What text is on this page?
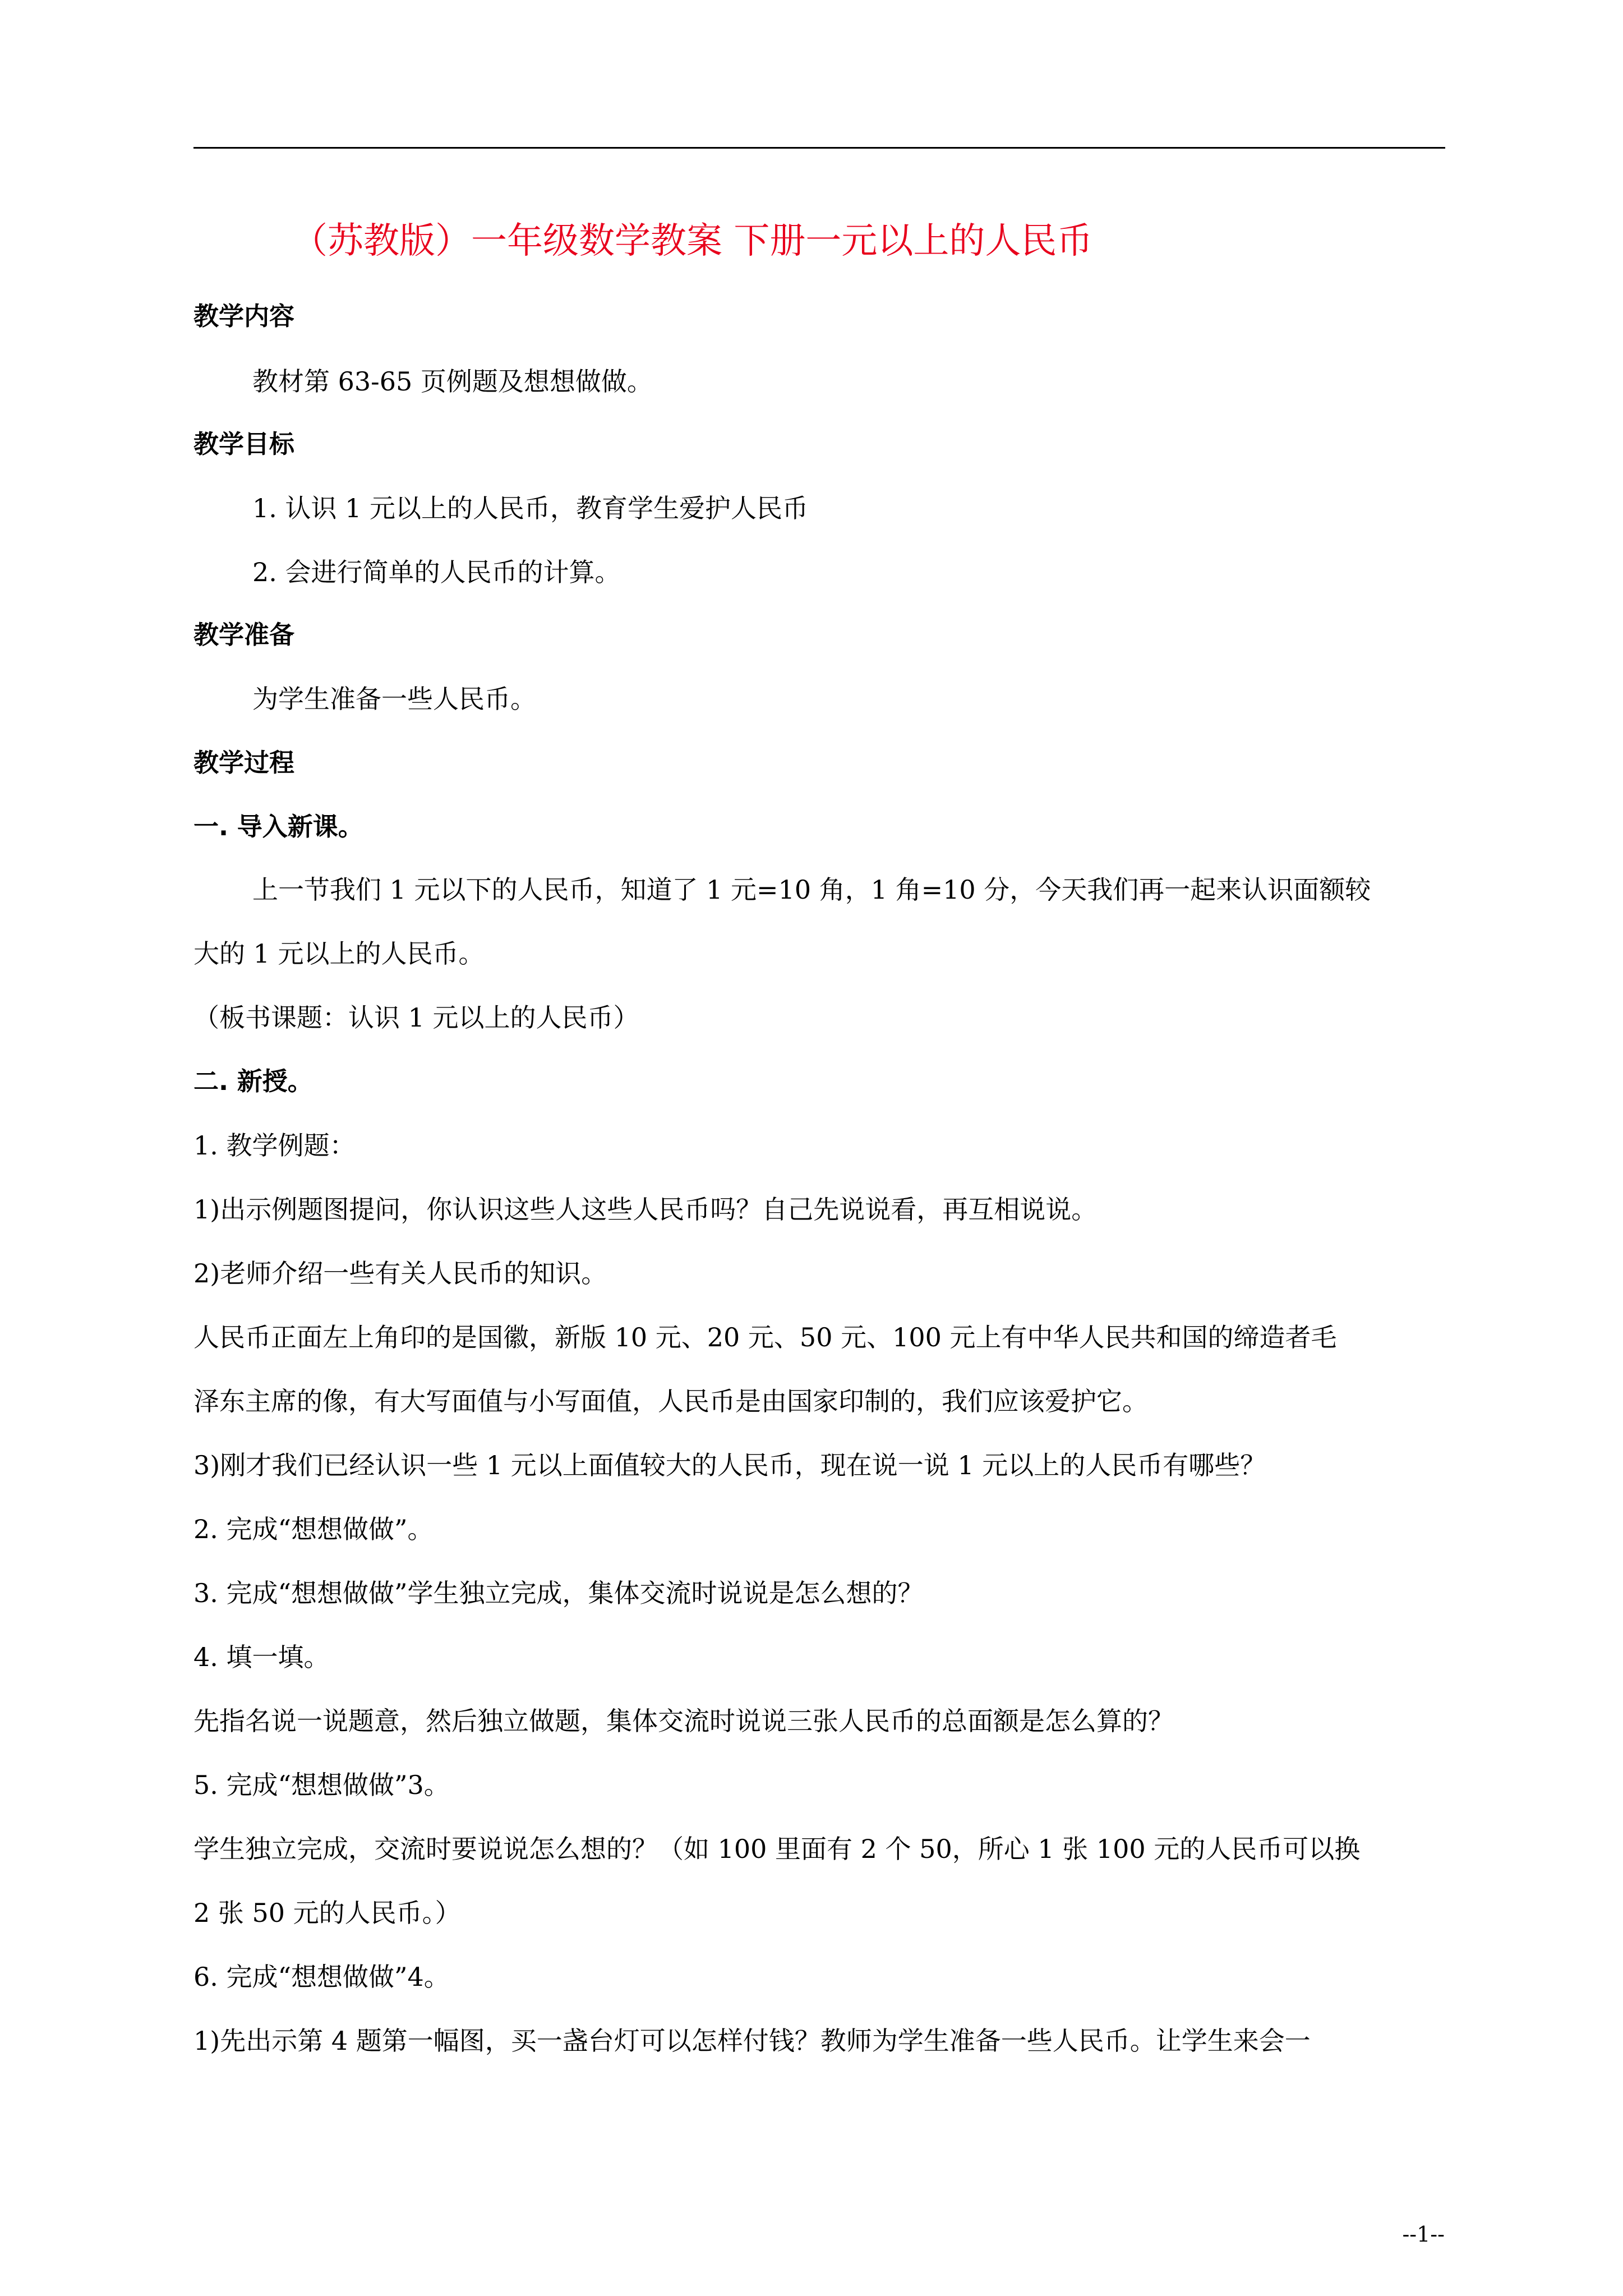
（苏教版）一年级数学教案 下册一元以上的人民币
教学内容
教材第 63-65 页例题及想想做做。
教学目标
1. 认识 1 元以上的人民币，教育学生爱护人民币
2. 会进行简单的人民币的计算。
教学准备
为学生准备一些人民币。
教学过程
一. 导入新课。
上一节我们 1 元以下的人民币，知道了 1 元=10 角，1 角=10 分，今天我们再一起来认识面额较
大的 1 元以上的人民币。
（板书课题：认识 1 元以上的人民币）
二. 新授。
1. 教学例题：
1)出示例题图提问，你认识这些人这些人民币吗？自己先说说看，再互相说说。
2)老师介绍一些有关人民币的知识。
人民币正面左上角印的是国徽，新版 10 元、20 元、50 元、100 元上有中华人民共和国的缔造者毛
泽东主席的像，有大写面值与小写面值，人民币是由国家印制的，我们应该爱护它。
3)刚才我们已经认识一些 1 元以上面值较大的人民币，现在说一说 1 元以上的人民币有哪些？
2. 完成“想想做做”。
3. 完成“想想做做”学生独立完成，集体交流时说说是怎么想的？
4. 填一填。
先指名说一说题意，然后独立做题，集体交流时说说三张人民币的总面额是怎么算的？
5. 完成“想想做做”3。
学生独立完成，交流时要说说怎么想的？（如 100 里面有 2 个 50，所心 1 张 100 元的人民币可以换
2 张 50 元的人民币。）
6. 完成“想想做做”4。
1)先出示第 4 题第一幅图，买一盏台灯可以怎样付钱？教师为学生准备一些人民币。让学生来会一
--1--
